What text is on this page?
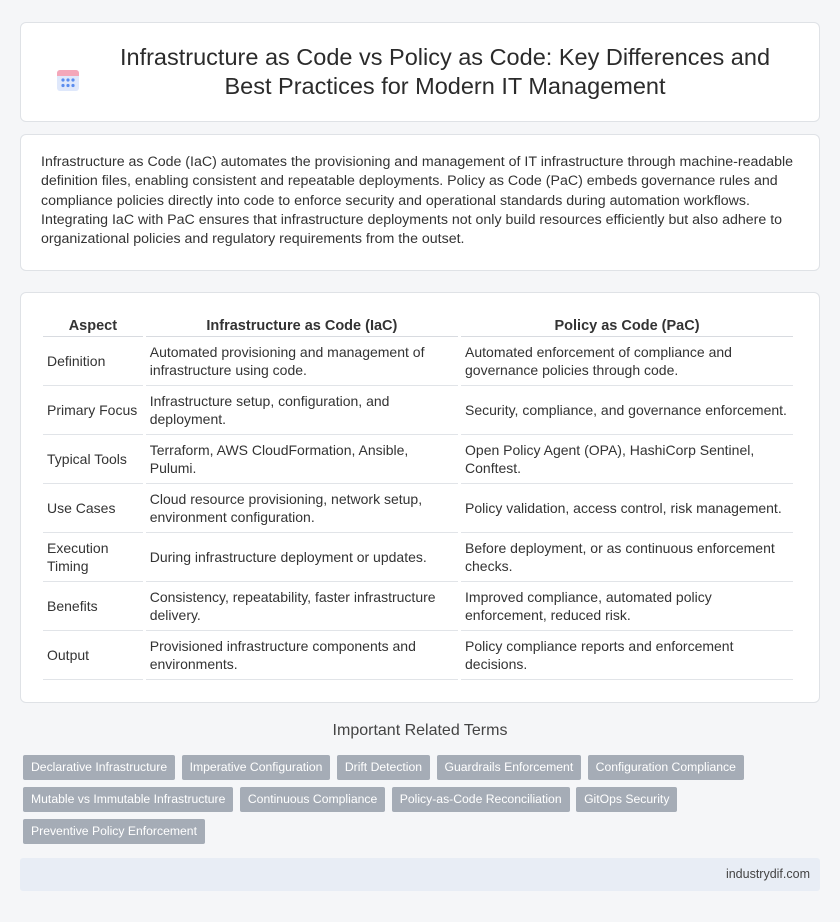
Infrastructure as Code vs Policy as Code: Key Differences and Best Practices for Modern IT Management

Infrastructure as Code (IaC) automates the provisioning and management of IT infrastructure through machine-readable definition files, enabling consistent and repeatable deployments. Policy as Code (PaC) embeds governance rules and compliance policies directly into code to enforce security and operational standards during automation workflows. Integrating IaC with PaC ensures that infrastructure deployments not only build resources efficiently but also adhere to organizational policies and regulatory requirements from the outset.

Aspect	Infrastructure as Code (IaC)	Policy as Code (PaC)
Definition	Automated provisioning and management of infrastructure using code.	Automated enforcement of compliance and governance policies through code.
Primary Focus	Infrastructure setup, configuration, and deployment.	Security, compliance, and governance enforcement.
Typical Tools	Terraform, AWS CloudFormation, Ansible, Pulumi.	Open Policy Agent (OPA), HashiCorp Sentinel, Conftest.
Use Cases	Cloud resource provisioning, network setup, environment configuration.	Policy validation, access control, risk management.
Execution Timing	During infrastructure deployment or updates.	Before deployment, or as continuous enforcement checks.
Benefits	Consistency, repeatability, faster infrastructure delivery.	Improved compliance, automated policy enforcement, reduced risk.
Output	Provisioned infrastructure components and environments.	Policy compliance reports and enforcement decisions.
Important Related Terms
Declarative Infrastructure Imperative Configuration Drift Detection Guardrails Enforcement Configuration Compliance
Mutable vs Immutable Infrastructure Continuous Compliance Policy-as-Code Reconciliation GitOps Security
Preventive Policy Enforcement
industrydif.com
